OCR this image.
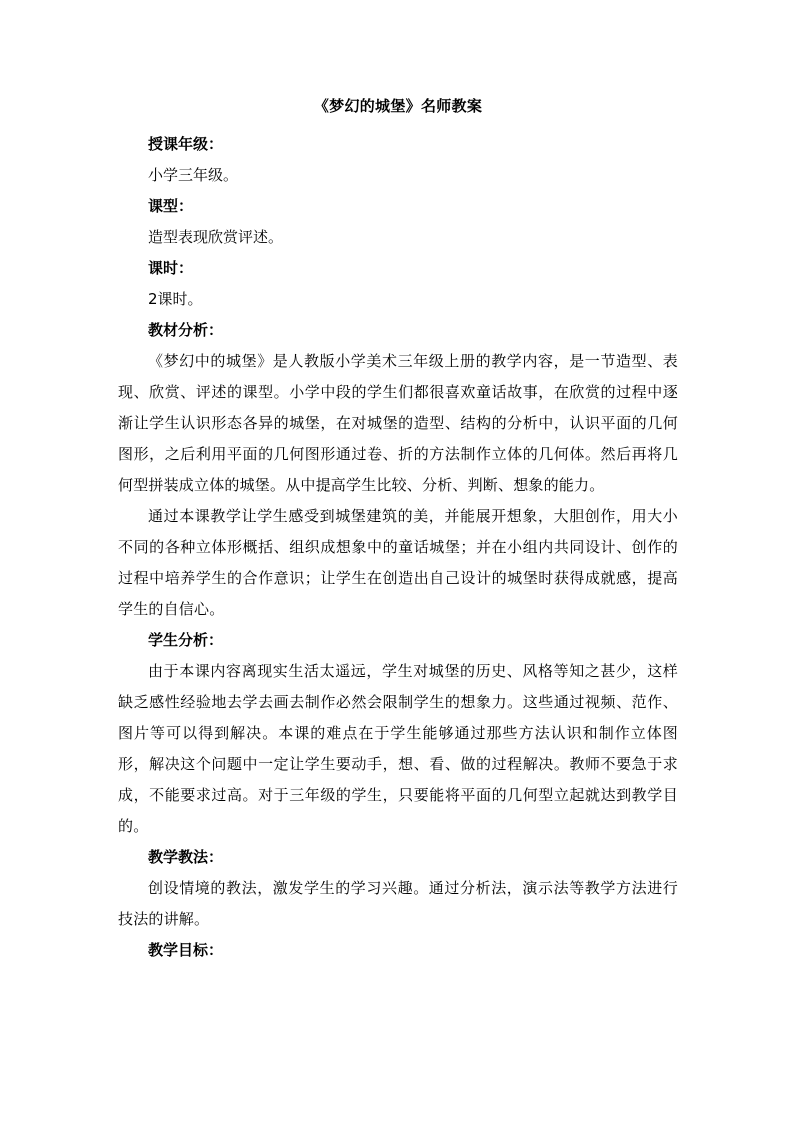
《梦幻的城堡》名师教案

授课年级：

小学三年级。

课型：

造型表现欣赏评述。

课时：

2课时。

教材分析：

《梦幻中的城堡》是人教版小学美术三年级上册的教学内容，是一节造型、表现、欣赏、评述的课型。小学中段的学生们都很喜欢童话故事，在欣赏的过程中逐渐让学生认识形态各异的城堡，在对城堡的造型、结构的分析中，认识平面的几何图形，之后利用平面的几何图形通过卷、折的方法制作立体的几何体。然后再将几何型拼装成立体的城堡。从中提高学生比较、分析、判断、想象的能力。

通过本课教学让学生感受到城堡建筑的美，并能展开想象，大胆创作，用大小不同的各种立体形概括、组织成想象中的童话城堡；并在小组内共同设计、创作的过程中培养学生的合作意识；让学生在创造出自己设计的城堡时获得成就感，提高学生的自信心。

学生分析：

由于本课内容离现实生活太遥远，学生对城堡的历史、风格等知之甚少，这样缺乏感性经验地去学去画去制作必然会限制学生的想象力。这些通过视频、范作、图片等可以得到解决。本课的难点在于学生能够通过那些方法认识和制作立体图形，解决这个问题中一定让学生要动手，想、看、做的过程解决。教师不要急于求成，不能要求过高。对于三年级的学生，只要能将平面的几何型立起就达到教学目的。

教学教法：

创设情境的教法，激发学生的学习兴趣。通过分析法，演示法等教学方法进行技法的讲解。

教学目标：
